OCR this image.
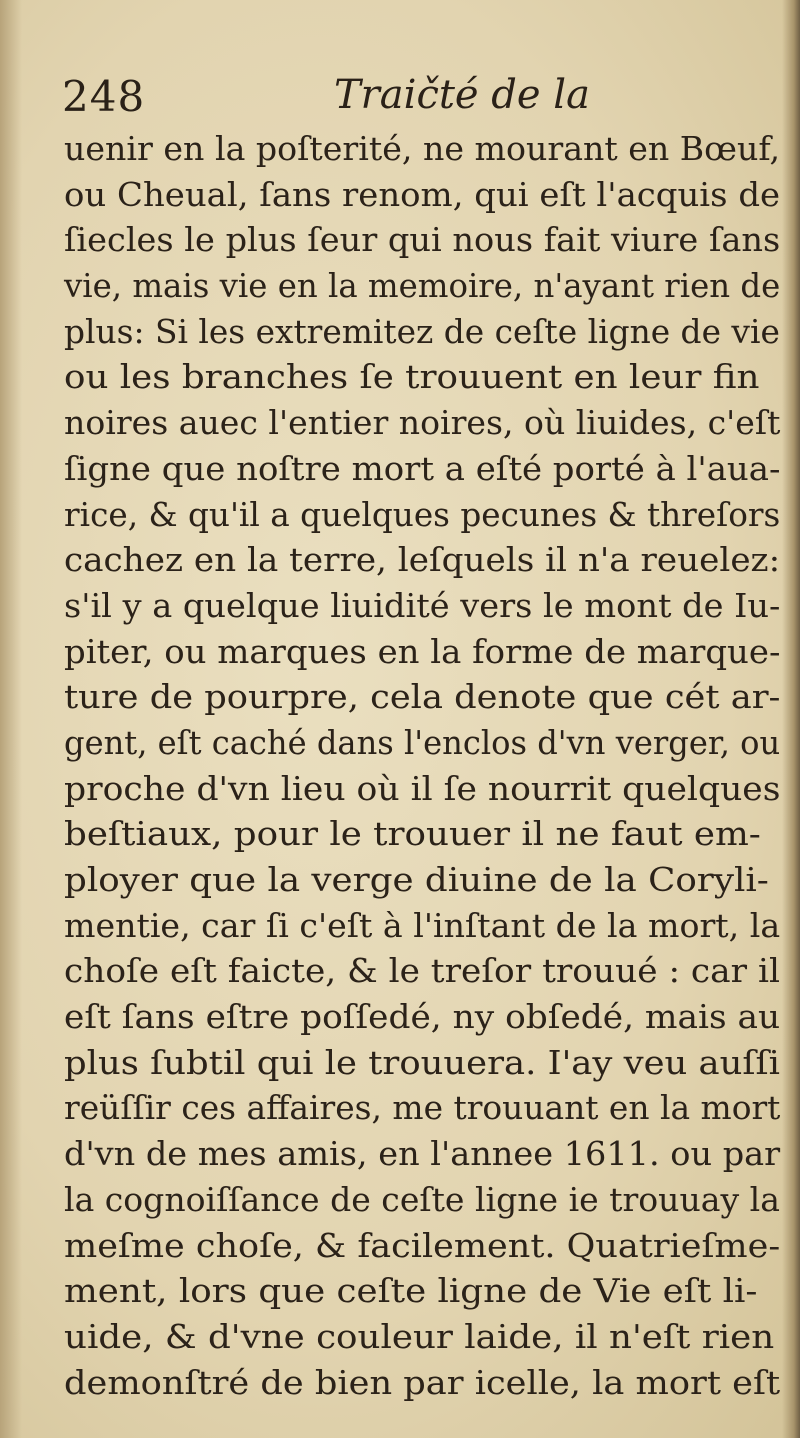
248	Traičté de la
uenir en la poſterité, ne mourant en Bœuf,
ou Cheual, ſans renom, qui eſt l'acquis de
ſiecles le plus ſeur qui nous fait viure ſans
vie, mais vie en la memoire, n'ayant rien de
plus: Si les extremitez de ceſte ligne de vie
ou les branches ſe trouuent en leur fin
noires auec l'entier noires, où liuides, c'eſt
ſigne que noſtre mort a eſté porté à l'aua-
rice, & qu'il a quelques pecunes & threſors
cachez en la terre, leſquels il n'a reuelez:
s'il y a quelque liuidité vers le mont de Iu-
piter, ou marques en la forme de marque-
ture de pourpre, cela denote que cét ar-
gent, eſt caché dans l'enclos d'vn verger, ou
proche d'vn lieu où il ſe nourrit quelques
beſtiaux, pour le trouuer il ne faut em-
ployer que la verge diuine de la Coryli-
mentie, car ſi c'eſt à l'inſtant de la mort, la
choſe eſt faicte, & le treſor trouué : car il
eſt ſans eſtre poſſedé, ny obſedé, mais au
plus ſubtil qui le trouuera. I'ay veu auſſi
reüſſir ces affaires, me trouuant en la mort
d'vn de mes amis, en l'annee 1611. ou par
la cognoiſſance de ceſte ligne ie trouuay la
meſme choſe, & facilement. Quatrieſme-
ment, lors que ceſte ligne de Vie eſt li-
uide, & d'vne couleur laide, il n'eſt rien
demonſtré de bien par icelle, la mort eſt
